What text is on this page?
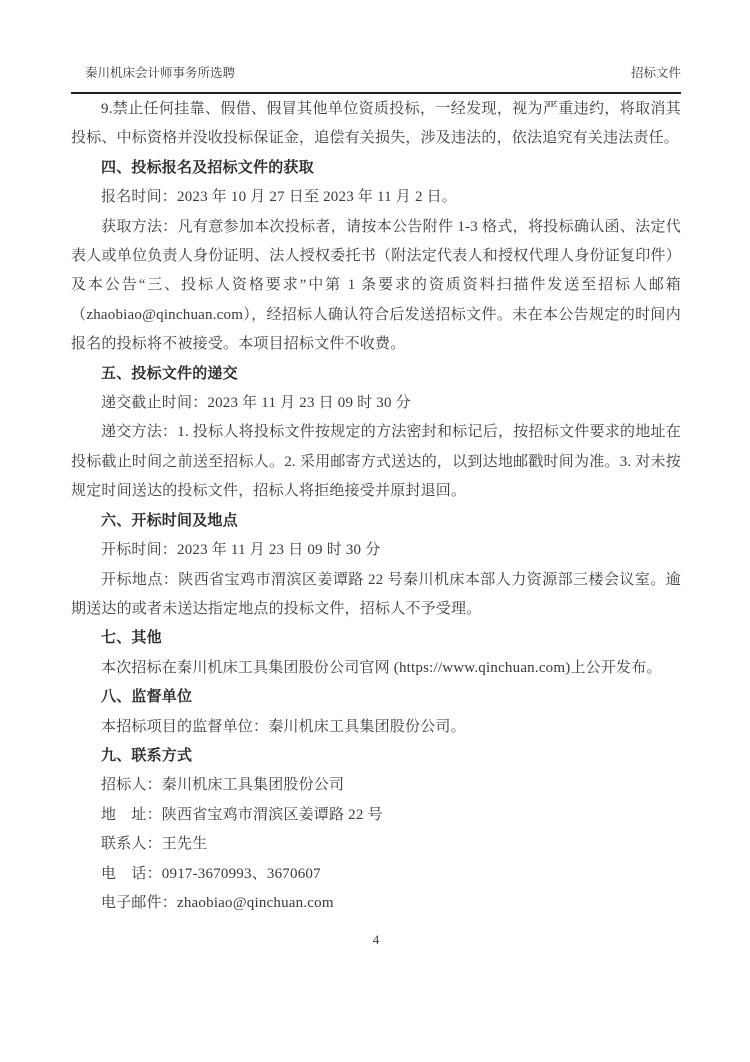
秦川机床会计师事务所选聘	招标文件

9.禁止任何挂靠、假借、假冒其他单位资质投标，一经发现，视为严重违约，将取消其投标、中标资格并没收投标保证金，追偿有关损失，涉及违法的，依法追究有关违法责任。

四、投标报名及招标文件的获取

报名时间：2023 年 10 月 27 日至 2023 年 11 月 2 日。

获取方法：凡有意参加本次投标者，请按本公告附件 1-3 格式，将投标确认函、法定代表人或单位负责人身份证明、法人授权委托书（附法定代表人和授权代理人身份证复印件）及本公告“三、投标人资格要求”中第 1 条要求的资质资料扫描件发送至招标人邮箱（zhaobiao@qinchuan.com），经招标人确认符合后发送招标文件。未在本公告规定的时间内报名的投标将不被接受。本项目招标文件不收费。

五、投标文件的递交

递交截止时间：2023 年 11 月 23 日 09 时 30 分

递交方法：1. 投标人将投标文件按规定的方法密封和标记后，按招标文件要求的地址在投标截止时间之前送至招标人。2. 采用邮寄方式送达的，以到达地邮戳时间为准。3. 对未按规定时间送达的投标文件，招标人将拒绝接受并原封退回。

六、开标时间及地点

开标时间：2023 年 11 月 23 日 09 时 30 分

开标地点：陕西省宝鸡市渭滨区姜谭路 22 号秦川机床本部人力资源部三楼会议室。逾期送达的或者未送达指定地点的投标文件，招标人不予受理。

七、其他

本次招标在秦川机床工具集团股份公司官网 (https://www.qinchuan.com)上公开发布。

八、监督单位

本招标项目的监督单位：秦川机床工具集团股份公司。

九、联系方式

招标人：秦川机床工具集团股份公司

地　址：陕西省宝鸡市渭滨区姜谭路 22 号

联系人：王先生

电　话：0917-3670993、3670607

电子邮件：zhaobiao@qinchuan.com

4
